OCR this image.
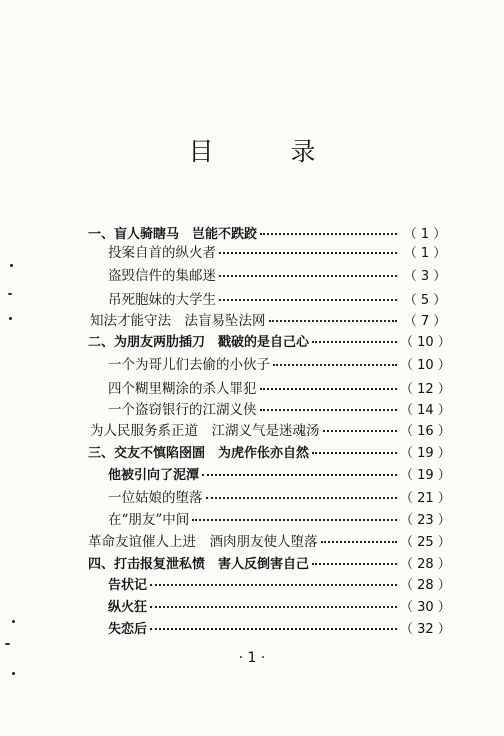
目　录
一、盲人骑瞎马　岂能不跌跤	（ 1 ）
投案自首的纵火者	（ 1 ）
盗毁信件的集邮迷	（ 3 ）
吊死胞妹的大学生	（ 5 ）
知法才能守法　法盲易坠法网	（ 7 ）
二、为朋友两肋插刀　戳破的是自己心	（ 10 ）
一个为哥儿们去偷的小伙子	（ 10 ）
四个糊里糊涂的杀人罪犯	（ 12 ）
一个盗窃银行的江湖义侠	（ 14 ）
为人民服务系正道　江湖义气是迷魂汤	（ 16 ）
三、交友不慎陷囹圄　为虎作伥亦自然	（ 19 ）
他被引向了泥潭	（ 19 ）
一位姑娘的堕落	（ 21 ）
在“朋友”中间	（ 23 ）
革命友谊催人上进　酒肉朋友使人堕落	（ 25 ）
四、打击报复泄私愤　害人反倒害自己	（ 28 ）
告状记	（ 28 ）
纵火狂	（ 30 ）
失恋后	（ 32 ）
· 1 ·
